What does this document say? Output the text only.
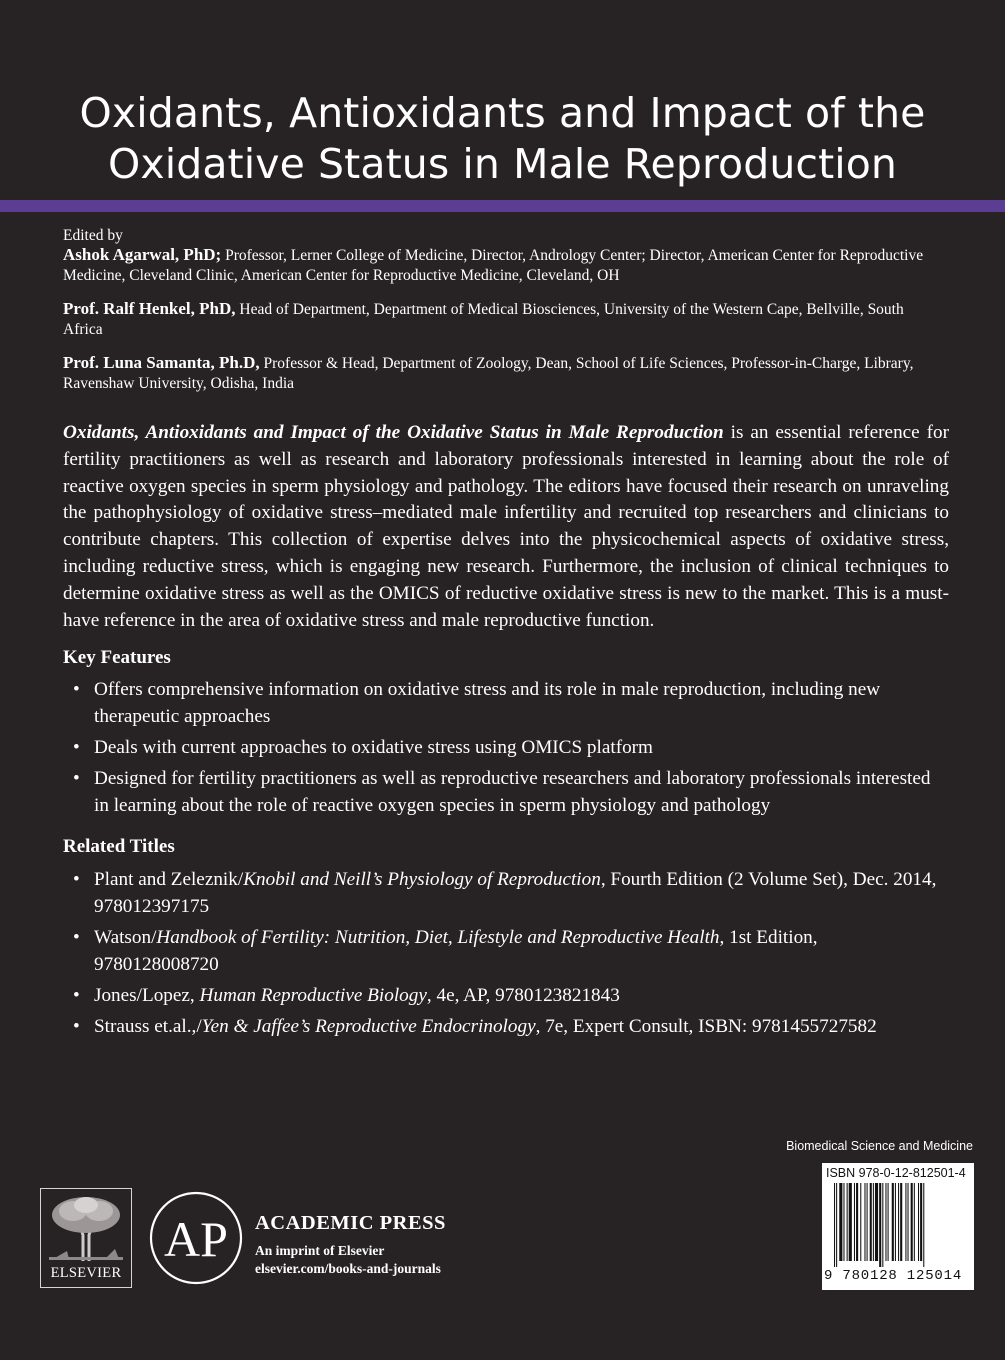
Oxidants, Antioxidants and Impact of the
Oxidative Status in Male Reproduction
Edited by

Ashok Agarwal, PhD; Professor, Lerner College of Medicine, Director, Andrology Center; Director, American Center for Reproductive Medicine, Cleveland Clinic, American Center for Reproductive Medicine, Cleveland, OH

Prof. Ralf Henkel, PhD, Head of Department, Department of Medical Biosciences, University of the Western Cape, Bellville, South Africa

Prof. Luna Samanta, Ph.D, Professor & Head, Department of Zoology, Dean, School of Life Sciences, Professor-in-Charge, Library, Ravenshaw University, Odisha, India

Oxidants, Antioxidants and Impact of the Oxidative Status in Male Reproduction is an essential reference for fertility practitioners as well as research and laboratory professionals interested in learning about the role of reactive oxygen species in sperm physiology and pathology. The editors have focused their research on unraveling the pathophysiology of oxidative stress–mediated male infertility and recruited top researchers and clinicians to contribute chapters. This collection of expertise delves into the physicochemical aspects of oxidative stress, including reductive stress, which is engaging new research. Furthermore, the inclusion of clinical techniques to determine oxidative stress as well as the OMICS of reductive oxidative stress is new to the market. This is a must-have reference in the area of oxidative stress and male reproductive function.

Key Features
• Offers comprehensive information on oxidative stress and its role in male reproduction, including new therapeutic approaches
• Deals with current approaches to oxidative stress using OMICS platform
• Designed for fertility practitioners as well as reproductive researchers and laboratory professionals interested in learning about the role of reactive oxygen species in sperm physiology and pathology
Related Titles
• Plant and Zeleznik/Knobil and Neill’s Physiology of Reproduction, Fourth Edition (2 Volume Set), Dec. 2014, 978012397175
• Watson/Handbook of Fertility: Nutrition, Diet, Lifestyle and Reproductive Health, 1st Edition, 9780128008720
• Jones/Lopez, Human Reproductive Biology, 4e, AP, 9780123821843
• Strauss et.al.,/Yen & Jaffee’s Reproductive Endocrinology, 7e, Expert Consult, ISBN: 9781455727582
Biomedical Science and Medicine
ISBN 978-0-12-812501-4
9 780128 125014
ELSEVIER
AP ACADEMIC PRESS
An imprint of Elsevier
elsevier.com/books-and-journals
